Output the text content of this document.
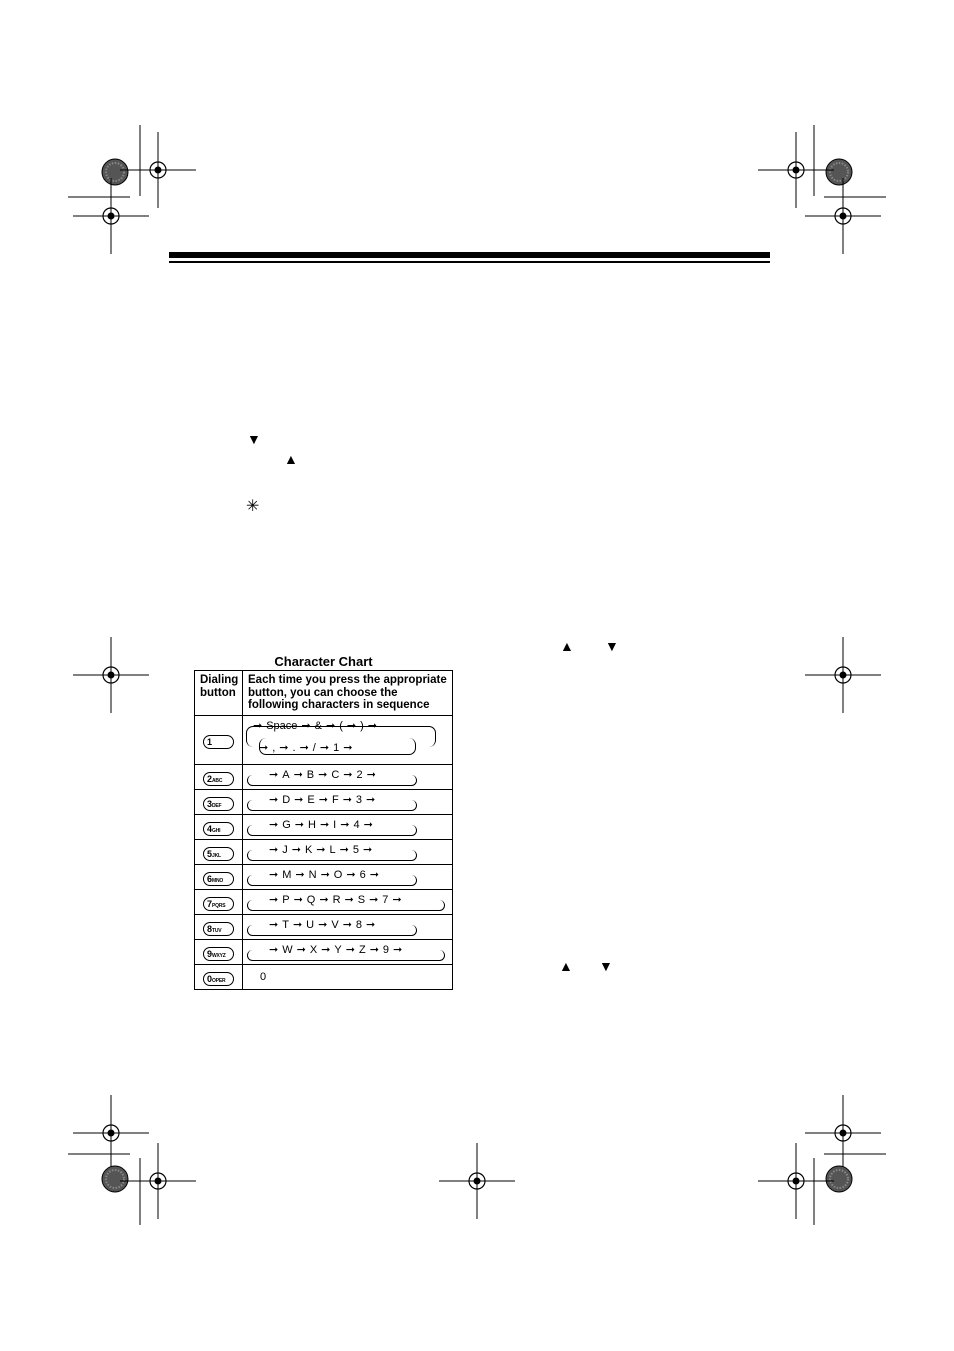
▼
▲
✳
▲ ▼
▲ ▼
Character Chart
Dialing button	Each time you press the appropriate button, you can choose the following characters in sequence
1	➞ Space ➞ & ➞ ( ➞ ) ➞
➞ , ➞ . ➞ / ➞ 1 ➞

2ABC	➞ A ➞ B ➞ C ➞ 2 ➞

3DEF	➞ D ➞ E ➞ F ➞ 3 ➞

4GHI	➞ G ➞ H ➞ I ➞ 4 ➞

5JKL	➞ J ➞ K ➞ L ➞ 5 ➞

6MNO	➞ M ➞ N ➞ O ➞ 6 ➞

7PQRS	➞ P ➞ Q ➞ R ➞ S ➞ 7 ➞

8TUV	➞ T ➞ U ➞ V ➞ 8 ➞

9WXYZ	➞ W ➞ X ➞ Y ➞ Z ➞ 9 ➞

0OPER	0
